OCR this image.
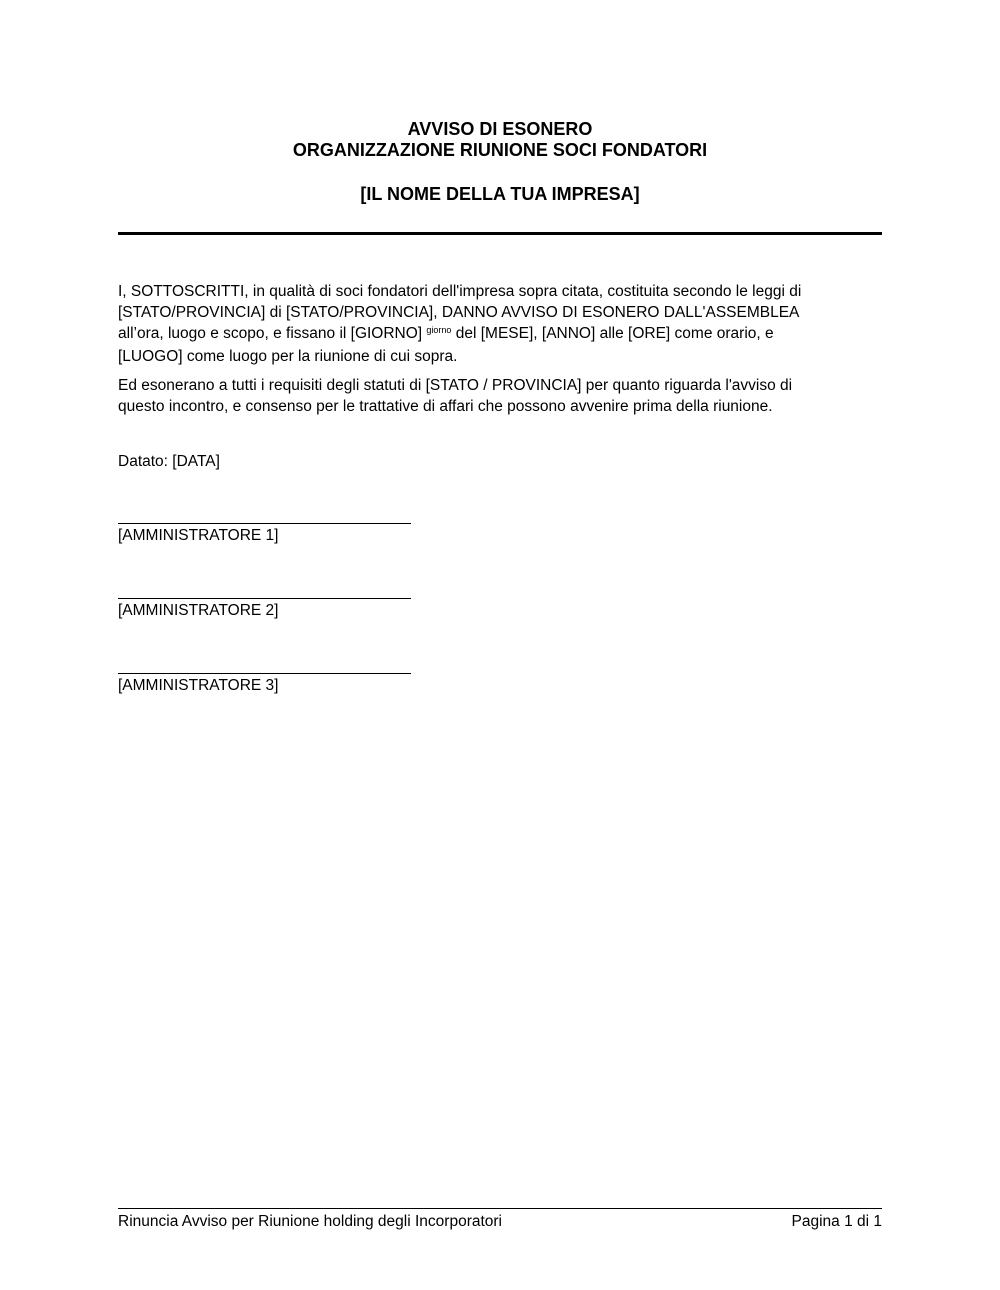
AVVISO DI ESONERO
ORGANIZZAZIONE RIUNIONE SOCI FONDATORI
[IL NOME DELLA TUA IMPRESA]

I, SOTTOSCRITTI, in qualità di soci fondatori dell'impresa sopra citata, costituita secondo le leggi di
[STATO/PROVINCIA] di [STATO/PROVINCIA], DANNO AVVISO DI ESONERO DALL'ASSEMBLEA
all’ora, luogo e scopo, e fissano il [GIORNO] $^{giorno}$ del [MESE], [ANNO] alle [ORE] come orario, e
[LUOGO] come luogo per la riunione di cui sopra.

Ed esonerano a tutti i requisiti degli statuti di [STATO / PROVINCIA] per quanto riguarda l'avviso di
questo incontro, e consenso per le trattative di affari che possono avvenire prima della riunione.

Datato: [DATA]

[AMMINISTRATORE 1]
[AMMINISTRATORE 2]
[AMMINISTRATORE 3]
Rinuncia Avviso per Riunione holding degli Incorporatori	Pagina 1 di 1
